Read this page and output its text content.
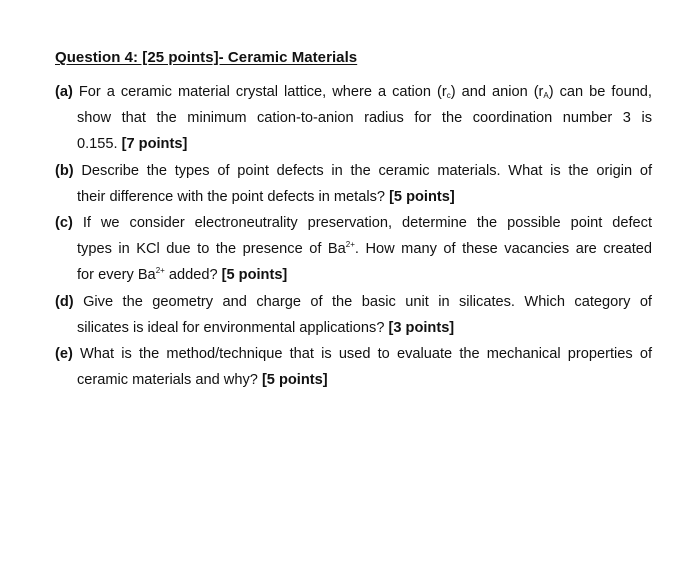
Question 4: [25 points]- Ceramic Materials
(a) For a ceramic material crystal lattice, where a cation $(r_c)$ and anion $(r_A)$ can be found,
show that the minimum cation-to-anion radius for the coordination number 3 is
0.155. [7 points]
(b) Describe the types of point defects in the ceramic materials. What is the origin of
their difference with the point defects in metals? [5 points]
(c) If we consider electroneutrality preservation, determine the possible point defect
types in KCl due to the presence of $Ba^{2+}$. How many of these vacancies are created
for every $Ba^{2+}$ added? [5 points]
(d) Give the geometry and charge of the basic unit in silicates. Which category of
silicates is ideal for environmental applications? [3 points]
(e) What is the method/technique that is used to evaluate the mechanical properties of
ceramic materials and why? [5 points]
